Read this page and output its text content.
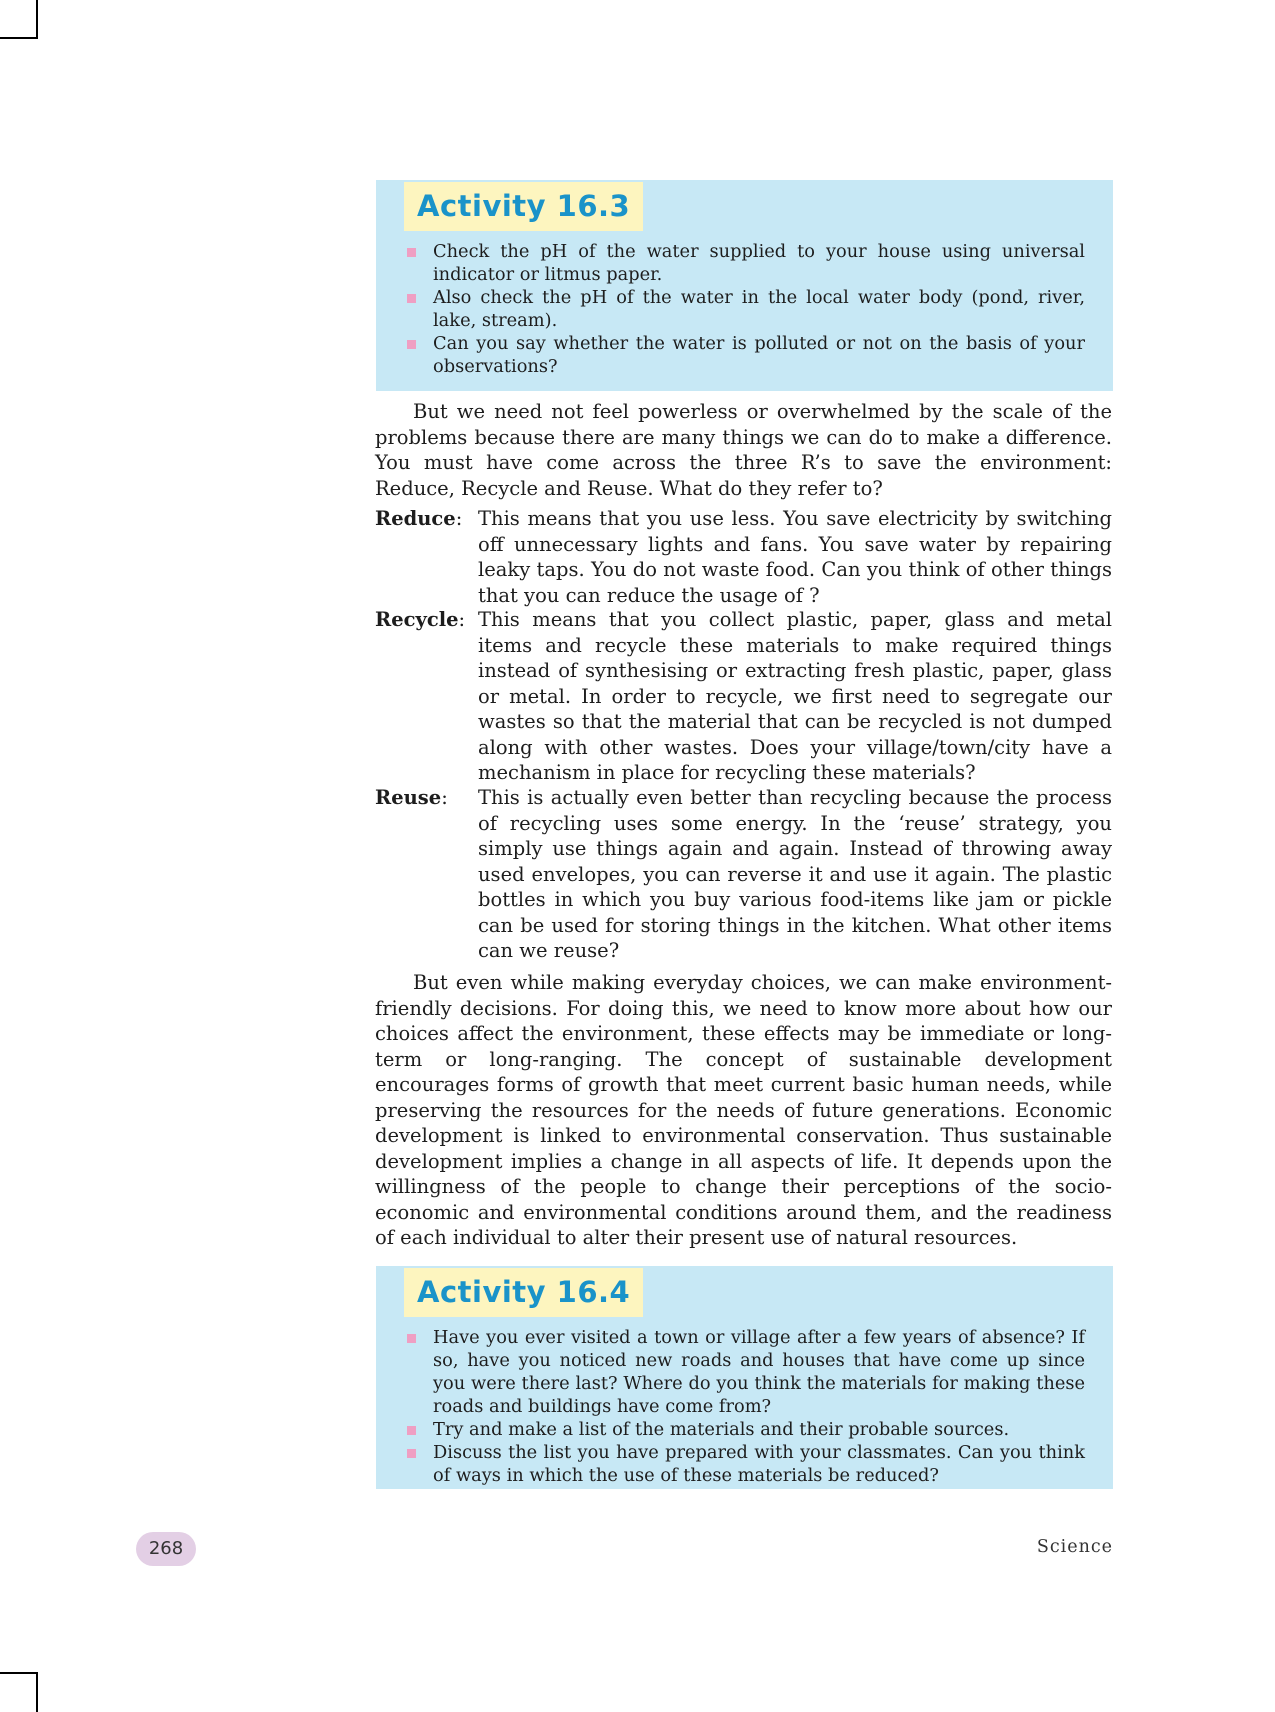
Activity 16.3
Check the pH of the water supplied to your house using universal indicator or litmus paper.
Also check the pH of the water in the local water body (pond, river, lake, stream).
Can you say whether the water is polluted or not on the basis of your observations?

But we need not feel powerless or overwhelmed by the scale of the problems because there are many things we can do to make a difference. You must have come across the three R’s to save the environment: Reduce, Recycle and Reuse. What do they refer to?

Reduce: This means that you use less. You save electricity by switching off unnecessary lights and fans. You save water by repairing leaky taps. You do not waste food. Can you think of other things that you can reduce the usage of ?

Recycle: This means that you collect plastic, paper, glass and metal items and recycle these materials to make required things instead of synthesising or extracting fresh plastic, paper, glass or metal. In order to recycle, we first need to segregate our wastes so that the material that can be recycled is not dumped along with other wastes. Does your village/town/city have a mechanism in place for recycling these materials?

Reuse: This is actually even better than recycling because the process of recycling uses some energy. In the ‘reuse’ strategy, you simply use things again and again. Instead of throwing away used envelopes, you can reverse it and use it again. The plastic bottles in which you buy various food-items like jam or pickle can be used for storing things in the kitchen. What other items can we reuse?

But even while making everyday choices, we can make environment-friendly decisions. For doing this, we need to know more about how our choices affect the environment, these effects may be immediate or long-term or long-ranging. The concept of sustainable development encourages forms of growth that meet current basic human needs, while preserving the resources for the needs of future generations. Economic development is linked to environmental conservation. Thus sustainable development implies a change in all aspects of life. It depends upon the willingness of the people to change their perceptions of the socio-economic and environmental conditions around them, and the readiness of each individual to alter their present use of natural resources.

Activity 16.4
Have you ever visited a town or village after a few years of absence? If so, have you noticed new roads and houses that have come up since you were there last? Where do you think the materials for making these roads and buildings have come from?
Try and make a list of the materials and their probable sources.
Discuss the list you have prepared with your classmates. Can you think of ways in which the use of these materials be reduced?
268	Science
